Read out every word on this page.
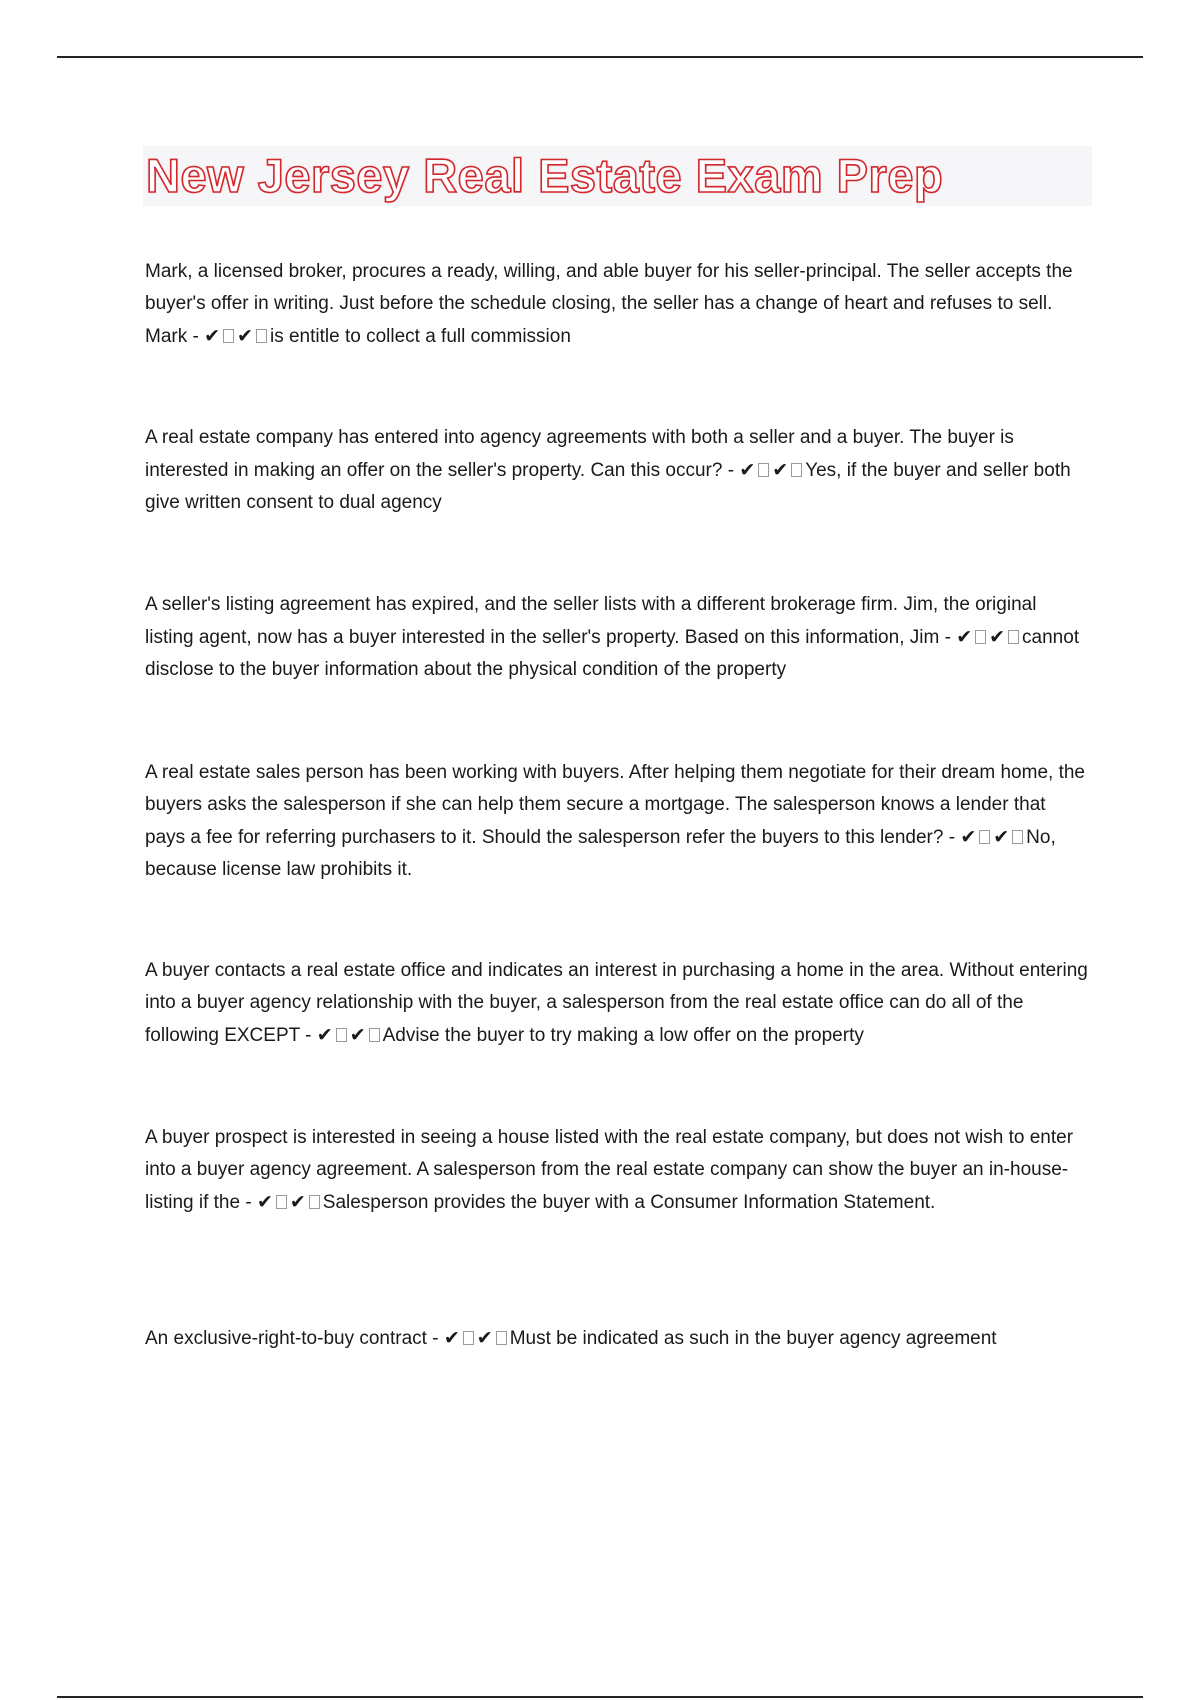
New Jersey Real Estate Exam Prep

Mark, a licensed broker, procures a ready, willing, and able buyer for his seller-principal. The seller accepts the buyer's offer in writing. Just before the schedule closing, the seller has a change of heart and refuses to sell. Mark - ✔ ✔ is entitle to collect a full commission

A real estate company has entered into agency agreements with both a seller and a buyer. The buyer is interested in making an offer on the seller's property. Can this occur? - ✔ ✔ Yes, if the buyer and seller both give written consent to dual agency

A seller's listing agreement has expired, and the seller lists with a different brokerage firm. Jim, the original listing agent, now has a buyer interested in the seller's property. Based on this information, Jim - ✔ ✔ cannot disclose to the buyer information about the physical condition of the property

A real estate sales person has been working with buyers. After helping them negotiate for their dream home, the buyers asks the salesperson if she can help them secure a mortgage. The salesperson knows a lender that pays a fee for referring purchasers to it. Should the salesperson refer the buyers to this lender? - ✔ ✔ No, because license law prohibits it.

A buyer contacts a real estate office and indicates an interest in purchasing a home in the area. Without entering into a buyer agency relationship with the buyer, a salesperson from the real estate office can do all of the following EXCEPT - ✔ ✔ Advise the buyer to try making a low offer on the property

A buyer prospect is interested in seeing a house listed with the real estate company, but does not wish to enter into a buyer agency agreement. A salesperson from the real estate company can show the buyer an in-house-listing if the - ✔ ✔ Salesperson provides the buyer with a Consumer Information Statement.

An exclusive-right-to-buy contract - ✔ ✔ Must be indicated as such in the buyer agency agreement
